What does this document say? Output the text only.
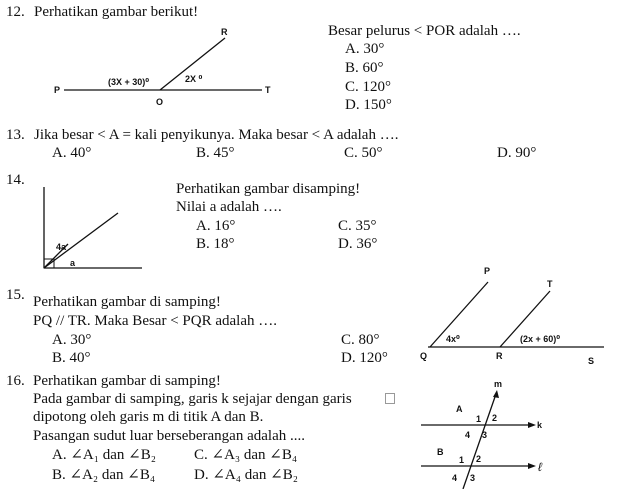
12. Perhatikan gambar berikut!
Besar pelurus < POR adalah ….
A. 30°
B. 60°
C. 120°
D. 150°
R
P	T
O
(3X + 30)⁰	2X ⁰
13. Jika besar < A = kali penyikunya. Maka besar < A adalah ….
A. 40°	B. 45°	C. 50°	D. 90°
14.
Perhatikan gambar disamping!
Nilai a adalah ….
A. 16°	C. 35°
B. 18°	D. 36°
4a
a
15. Perhatikan gambar di samping!
PQ // TR. Maka Besar < PQR adalah ….
A. 30°	C. 80°
B. 40°	D. 120°
P
T
Q	R	S
4x⁰	(2x + 60)⁰
16. Perhatikan gambar di samping!
Pada gambar di samping, garis k sejajar dengan garis
dipotong oleh garis m di titik A dan B.
Pasangan sudut luar berseberangan adalah ....
A. ∠A₁ dan ∠B₂	C. ∠A₃ dan ∠B₄
B. ∠A₂ dan ∠B₄	D. ∠A₄ dan ∠B₂
m
k
ℓ
A
B
1 2
3
4
1 2
3
4
